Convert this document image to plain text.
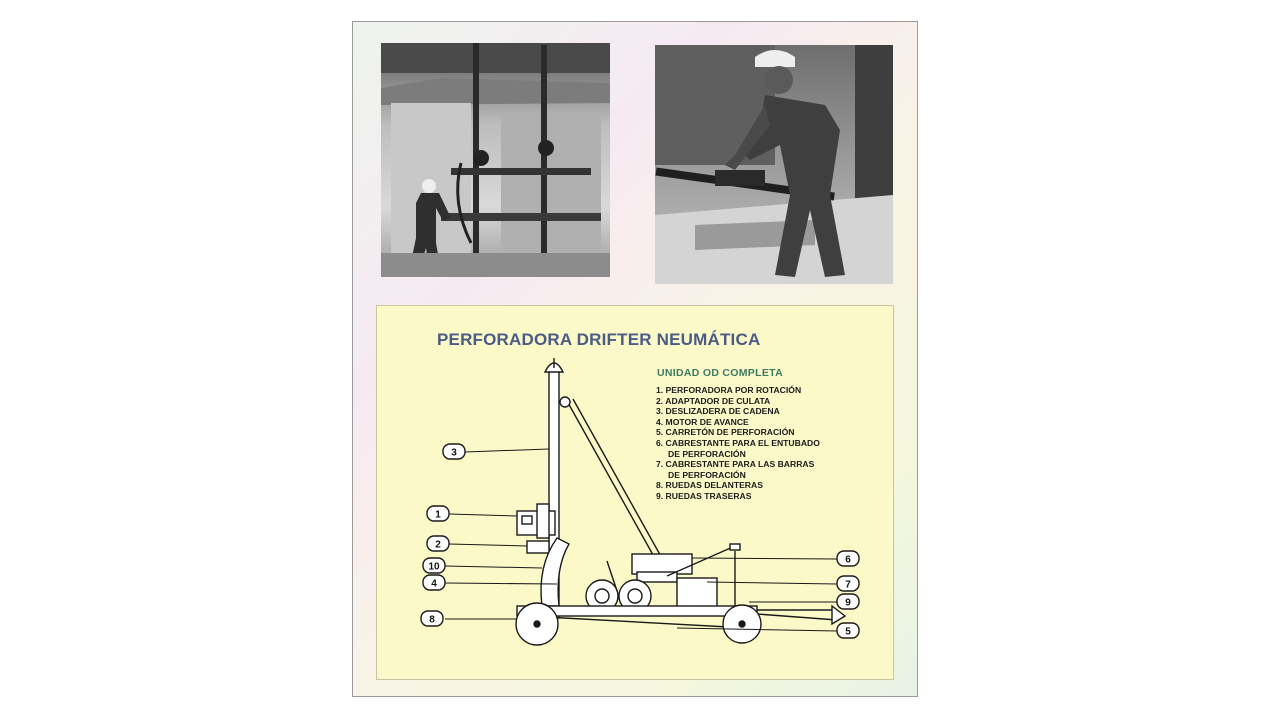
PERFORADORA DRIFTER NEUMÁTICA
UNIDAD OD COMPLETA
1. PERFORADORA POR ROTACIÓN
2. ADAPTADOR DE CULATA
3. DESLIZADERA DE CADENA
4. MOTOR DE AVANCE
5. CARRETÓN DE PERFORACIÓN
6. CABRESTANTE PARA EL ENTUBADO
DE PERFORACIÓN
7. CABRESTANTE PARA LAS BARRAS
DE PERFORACIÓN
8. RUEDAS DELANTERAS
9. RUEDAS TRASERAS
3
1
2
10
4
8
6
7
9
5
